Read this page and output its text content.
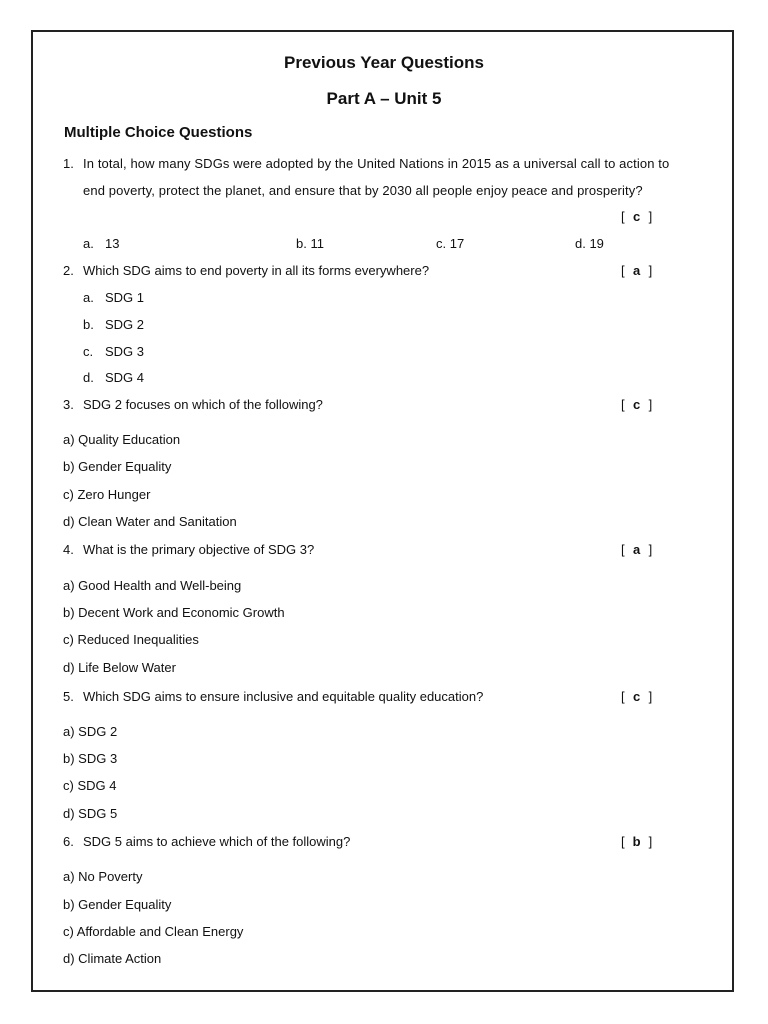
Previous Year Questions
Part A – Unit 5
Multiple Choice Questions
1. In total, how many SDGs were adopted by the United Nations in 2015 as a universal call to action to
end poverty, protect the planet, and ensure that by 2030 all people enjoy peace and prosperity?
[ c ]
a. 13	b. 11	c. 17	d. 19
2. Which SDG aims to end poverty in all its forms everywhere?	[ a ]
a. SDG 1
b. SDG 2
c. SDG 3
d. SDG 4
3. SDG 2 focuses on which of the following?	[ c ]
a) Quality Education
b) Gender Equality
c) Zero Hunger
d) Clean Water and Sanitation
4. What is the primary objective of SDG 3?	[ a ]
a) Good Health and Well-being
b) Decent Work and Economic Growth
c) Reduced Inequalities
d) Life Below Water
5. Which SDG aims to ensure inclusive and equitable quality education?	[ c ]
a) SDG 2
b) SDG 3
c) SDG 4
d) SDG 5
6. SDG 5 aims to achieve which of the following?	[ b ]
a) No Poverty
b) Gender Equality
c) Affordable and Clean Energy
d) Climate Action
